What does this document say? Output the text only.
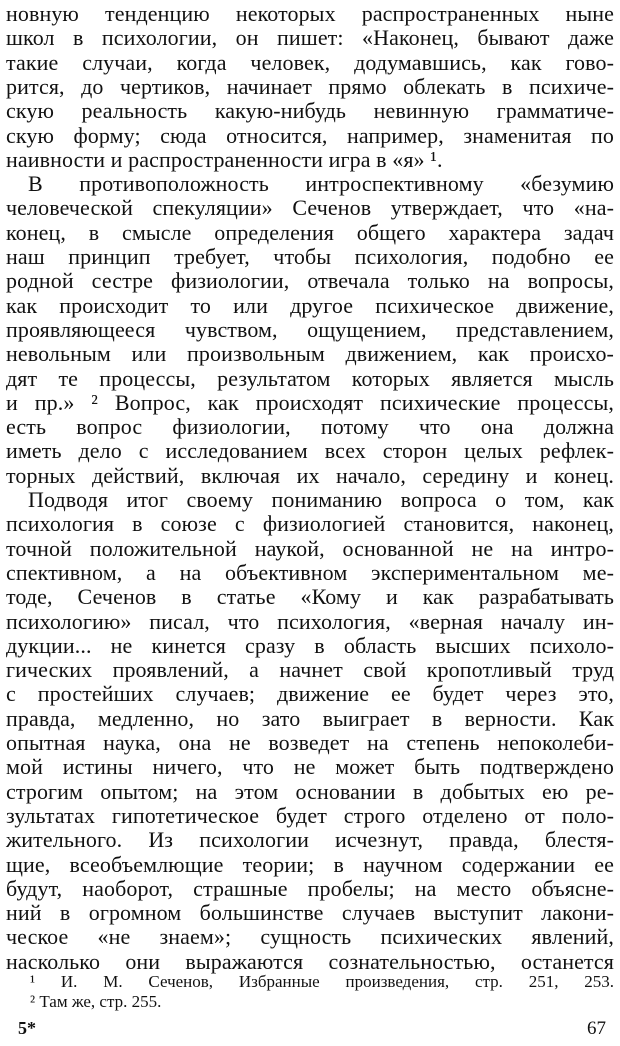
новную тенденцию некоторых распространенных ныне
школ в психологии, он пишет: «Наконец, бывают даже
такие случаи, когда человек, додумавшись, как гово-
рится, до чертиков, начинает прямо облекать в психиче-
скую реальность какую-нибудь невинную грамматиче-
скую форму; сюда относится, например, знаменитая по
наивности и распространенности игра в «я» ¹.
В противоположность интроспективному «безумию
человеческой спекуляции» Сеченов утверждает, что «на-
конец, в смысле определения общего характера задач
наш принцип требует, чтобы психология, подобно ее
родной сестре физиологии, отвечала только на вопросы,
как происходит то или другое психическое движение,
проявляющееся чувством, ощущением, представлением,
невольным или произвольным движением, как происхо-
дят те процессы, результатом которых является мысль
и пр.» ² Вопрос, как происходят психические процессы,
есть вопрос физиологии, потому что она должна
иметь дело с исследованием всех сторон целых рефлек-
торных действий, включая их начало, середину и конец.
Подводя итог своему пониманию вопроса о том, как
психология в союзе с физиологией становится, наконец,
точной положительной наукой, основанной не на интро-
спективном, а на объективном экспериментальном ме-
тоде, Сеченов в статье «Кому и как разрабатывать
психологию» писал, что психология, «верная началу ин-
дукции... не кинется сразу в область высших психоло-
гических проявлений, а начнет свой кропотливый труд
с простейших случаев; движение ее будет через это,
правда, медленно, но зато выиграет в верности. Как
опытная наука, она не возведет на степень непоколеби-
мой истины ничего, что не может быть подтверждено
строгим опытом; на этом основании в добытых ею ре-
зультатах гипотетическое будет строго отделено от поло-
жительного. Из психологии исчезнут, правда, блестя-
щие, всеобъемлющие теории; в научном содержании ее
будут, наоборот, страшные пробелы; на место объясне-
ний в огромном большинстве случаев выступит лакони-
ческое «не знаем»; сущность психических явлений,
насколько они выражаются сознательностью, останется
¹ И. М. Сеченов, Избранные произведения, стр. 251, 253.
² Там же, стр. 255.
5*	67
